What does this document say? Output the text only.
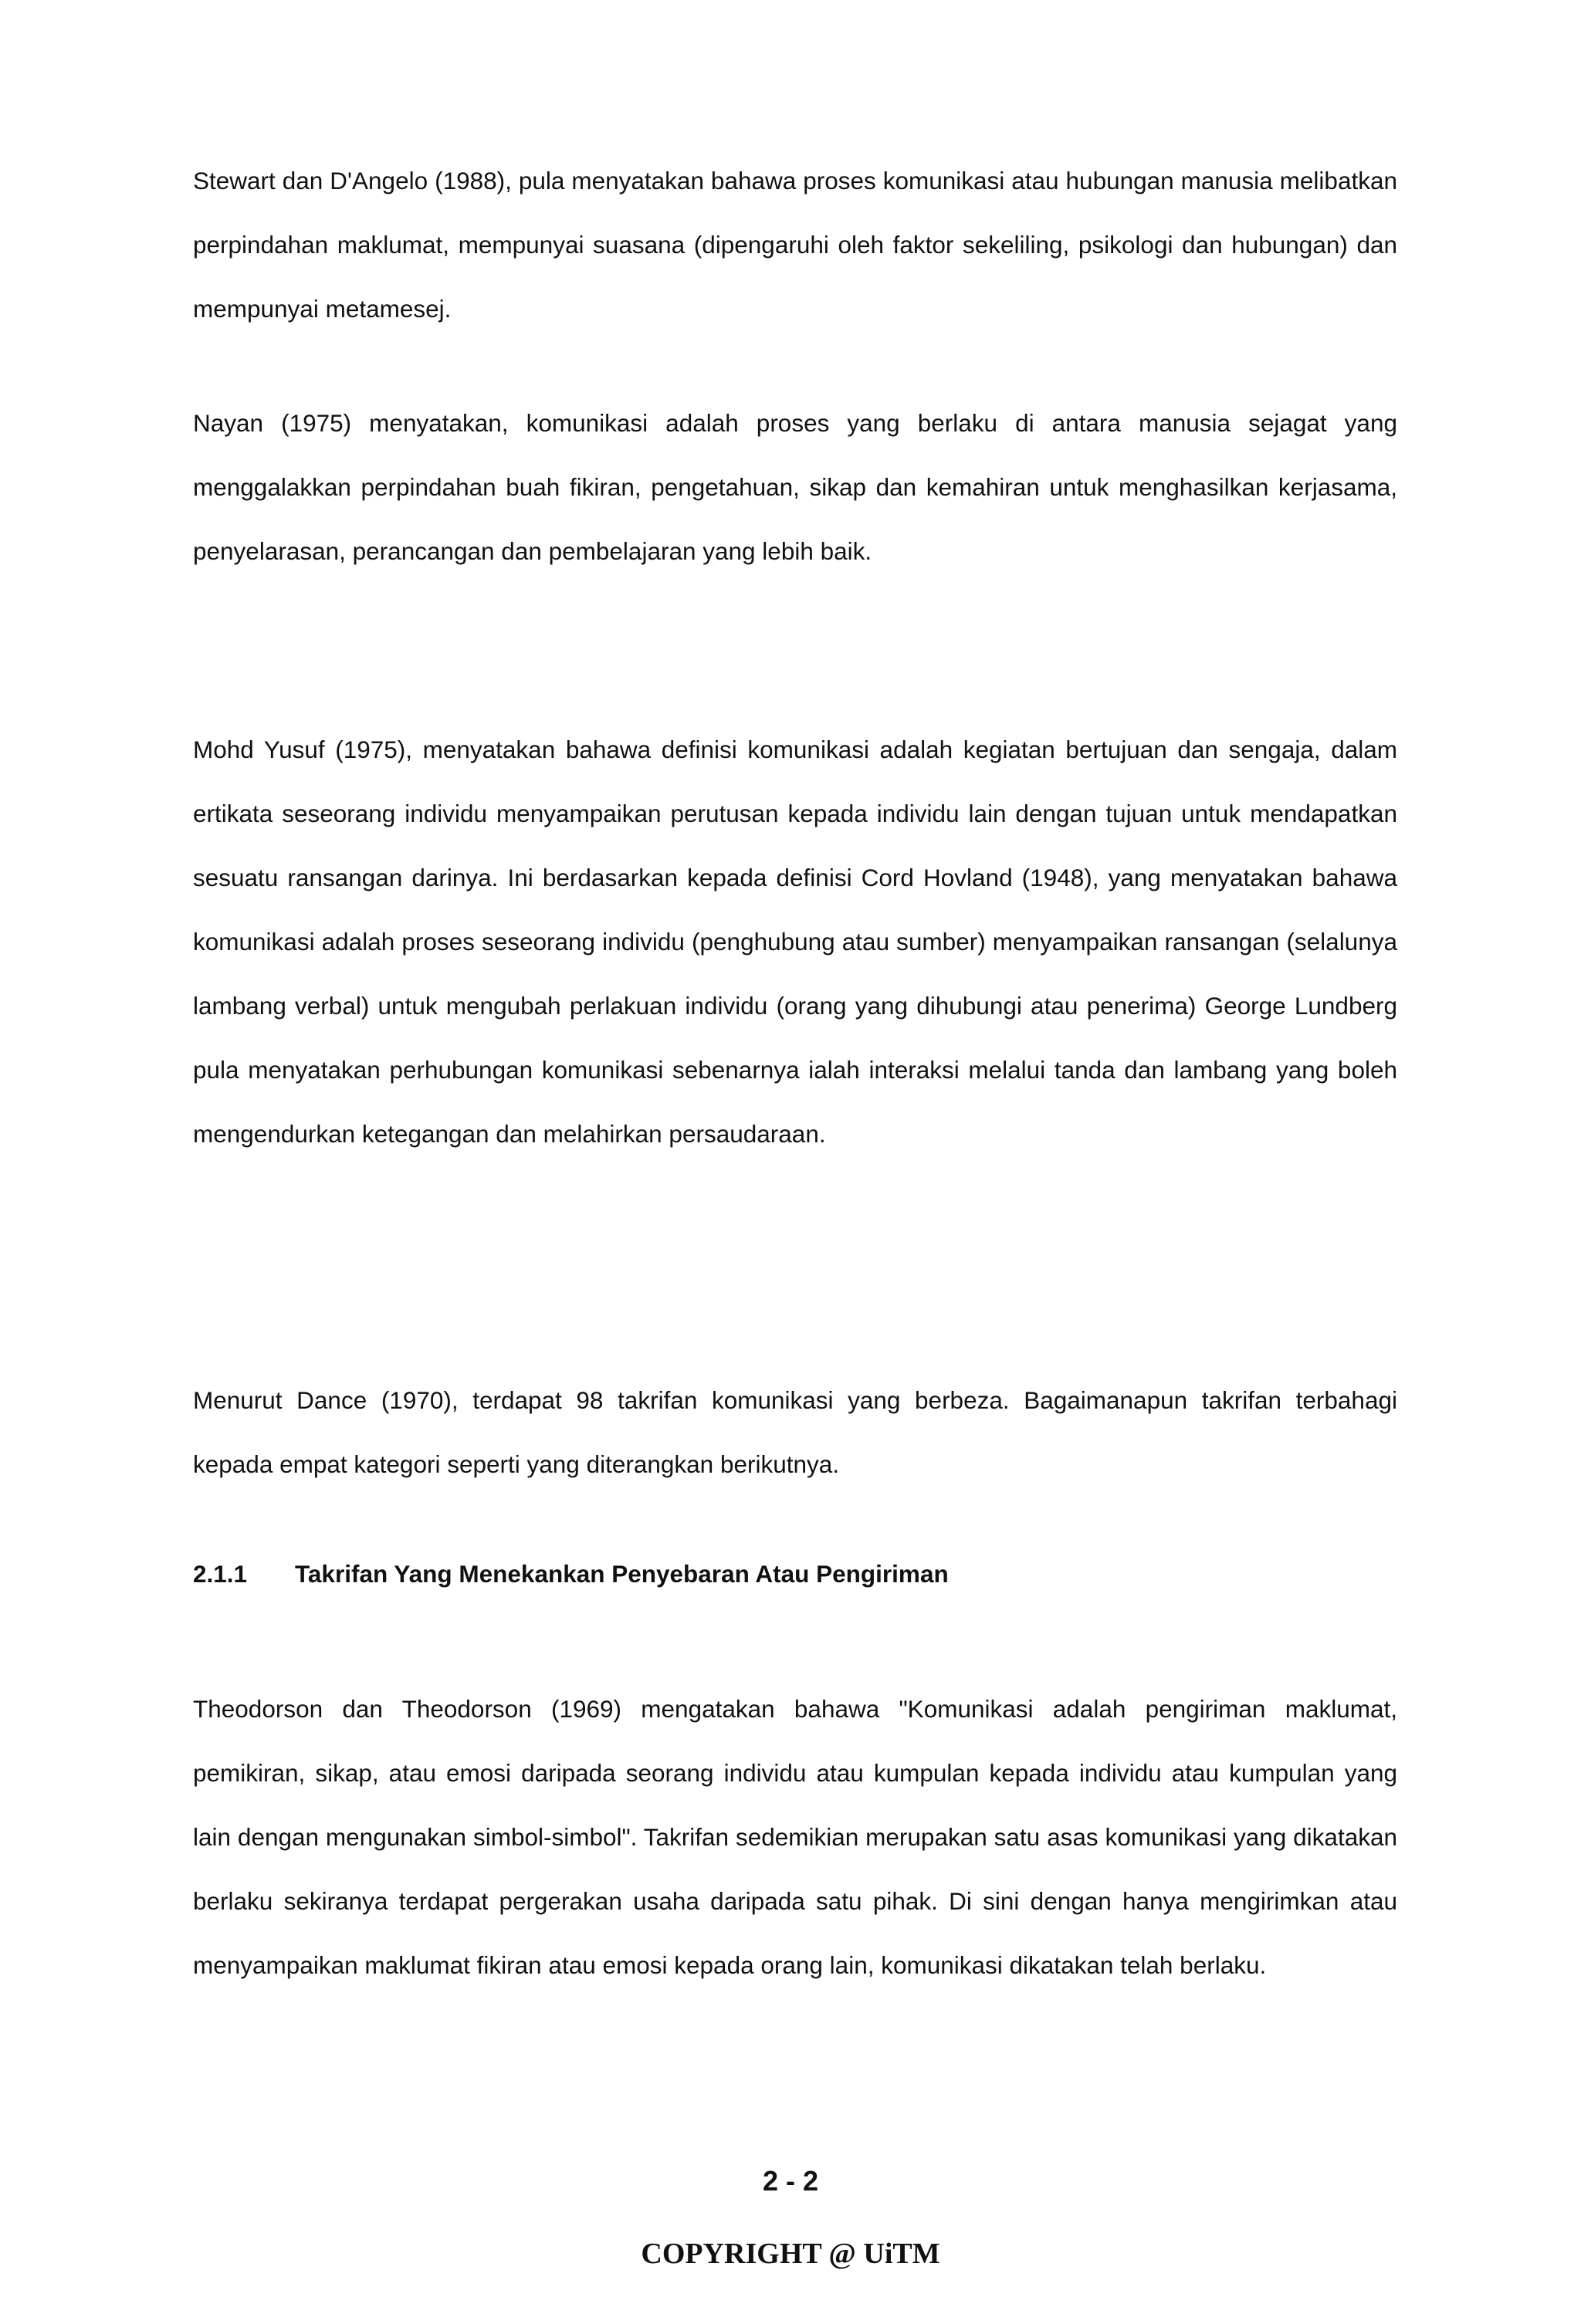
Stewart dan D'Angelo (1988), pula menyatakan bahawa proses komunikasi atau hubungan manusia melibatkan perpindahan maklumat, mempunyai suasana (dipengaruhi oleh faktor sekeliling, psikologi dan hubungan) dan mempunyai metamesej.

Nayan (1975) menyatakan, komunikasi adalah proses yang berlaku di antara manusia sejagat yang menggalakkan perpindahan buah fikiran, pengetahuan, sikap dan kemahiran untuk menghasilkan kerjasama, penyelarasan, perancangan dan pembelajaran yang lebih baik.

Mohd Yusuf (1975), menyatakan bahawa definisi komunikasi adalah kegiatan bertujuan dan sengaja, dalam ertikata seseorang individu menyampaikan perutusan kepada individu lain dengan tujuan untuk mendapatkan sesuatu ransangan darinya. Ini berdasarkan kepada definisi Cord Hovland (1948), yang menyatakan bahawa komunikasi adalah proses seseorang individu (penghubung atau sumber) menyampaikan ransangan (selalunya lambang verbal) untuk mengubah perlakuan individu (orang yang dihubungi atau penerima) George Lundberg pula menyatakan perhubungan komunikasi sebenarnya ialah interaksi melalui tanda dan lambang yang boleh mengendurkan ketegangan dan melahirkan persaudaraan.

Menurut Dance (1970), terdapat 98 takrifan komunikasi yang berbeza. Bagaimanapun takrifan terbahagi kepada empat kategori seperti yang diterangkan berikutnya.

2.1.1 Takrifan Yang Menekankan Penyebaran Atau Pengiriman

Theodorson dan Theodorson (1969) mengatakan bahawa "Komunikasi adalah pengiriman maklumat, pemikiran, sikap, atau emosi daripada seorang individu atau kumpulan kepada individu atau kumpulan yang lain dengan mengunakan simbol-simbol". Takrifan sedemikian merupakan satu asas komunikasi yang dikatakan berlaku sekiranya terdapat pergerakan usaha daripada satu pihak. Di sini dengan hanya mengirimkan atau menyampaikan maklumat fikiran atau emosi kepada orang lain, komunikasi dikatakan telah berlaku.

2 - 2

COPYRIGHT @ UiTM
